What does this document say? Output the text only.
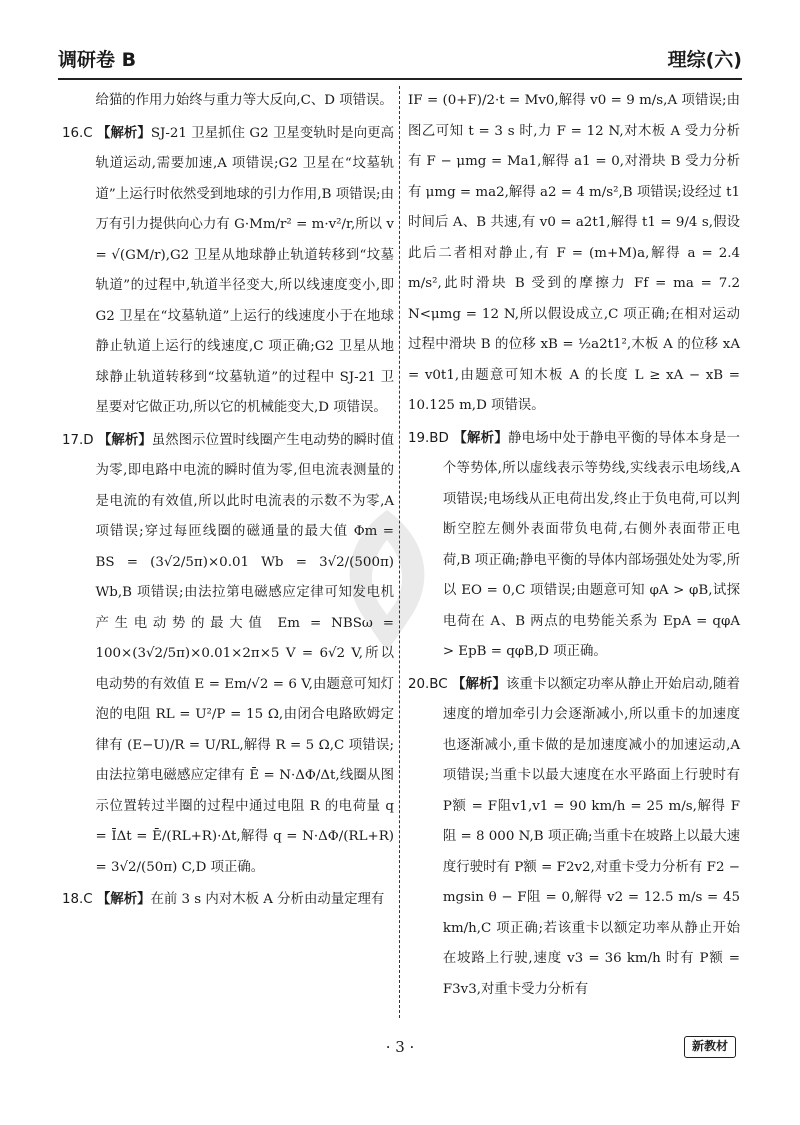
调研卷 B	理综(六)

给猫的作用力始终与重力等大反向,C、D 项错误。

16.C 【解析】SJ-21 卫星抓住 G2 卫星变轨时是向更高轨道运动,需要加速,A 项错误;G2 卫星在“坟墓轨道”上运行时依然受到地球的引力作用,B 项错误;由万有引力提供向心力有 G·Mm/r² = m·v²/r,所以 v = √(GM/r),G2 卫星从地球静止轨道转移到“坟墓轨道”的过程中,轨道半径变大,所以线速度变小,即 G2 卫星在“坟墓轨道”上运行的线速度小于在地球静止轨道上运行的线速度,C 项正确;G2 卫星从地球静止轨道转移到“坟墓轨道”的过程中 SJ-21 卫星要对它做正功,所以它的机械能变大,D 项错误。

17.D 【解析】虽然图示位置时线圈产生电动势的瞬时值为零,即电路中电流的瞬时值为零,但电流表测量的是电流的有效值,所以此时电流表的示数不为零,A 项错误;穿过每匝线圈的磁通量的最大值 Φm = BS = (3√2/5π)×0.01 Wb = 3√2/(500π) Wb,B 项错误;由法拉第电磁感应定律可知发电机产生电动势的最大值 Em = NBSω = 100×(3√2/5π)×0.01×2π×5 V = 6√2 V,所以电动势的有效值 E = Em/√2 = 6 V,由题意可知灯泡的电阻 RL = U²/P = 15 Ω,由闭合电路欧姆定律有 (E−U)/R = U/RL,解得 R = 5 Ω,C 项错误;由法拉第电磁感应定律有 Ē = N·ΔΦ/Δt,线圈从图示位置转过半圈的过程中通过电阻 R 的电荷量 q = ĪΔt = Ē/(RL+R)·Δt,解得 q = N·ΔΦ/(RL+R) = 3√2/(50π) C,D 项正确。

18.C 【解析】在前 3 s 内对木板 A 分析由动量定理有

IF = (0+F)/2·t = Mv0,解得 v0 = 9 m/s,A 项错误;由图乙可知 t = 3 s 时,力 F = 12 N,对木板 A 受力分析有 F − μmg = Ma1,解得 a1 = 0,对滑块 B 受力分析有 μmg = ma2,解得 a2 = 4 m/s²,B 项错误;设经过 t1 时间后 A、B 共速,有 v0 = a2t1,解得 t1 = 9/4 s,假设此后二者相对静止,有 F = (m+M)a,解得 a = 2.4 m/s²,此时滑块 B 受到的摩擦力 Ff = ma = 7.2 N<μmg = 12 N,所以假设成立,C 项正确;在相对运动过程中滑块 B 的位移 xB = ½a2t1²,木板 A 的位移 xA = v0t1,由题意可知木板 A 的长度 L ≥ xA − xB = 10.125 m,D 项错误。

19.BD 【解析】静电场中处于静电平衡的导体本身是一个等势体,所以虚线表示等势线,实线表示电场线,A 项错误;电场线从正电荷出发,终止于负电荷,可以判断空腔左侧外表面带负电荷,右侧外表面带正电荷,B 项正确;静电平衡的导体内部场强处处为零,所以 EO = 0,C 项错误;由题意可知 φA > φB,试探电荷在 A、B 两点的电势能关系为 EpA = qφA > EpB = qφB,D 项正确。

20.BC 【解析】该重卡以额定功率从静止开始启动,随着速度的增加牵引力会逐渐减小,所以重卡的加速度也逐渐减小,重卡做的是加速度减小的加速运动,A 项错误;当重卡以最大速度在水平路面上行驶时有 P额 = F阻v1,v1 = 90 km/h = 25 m/s,解得 F阻 = 8 000 N,B 项正确;当重卡在坡路上以最大速度行驶时有 P额 = F2v2,对重卡受力分析有 F2 − mgsin θ − F阻 = 0,解得 v2 = 12.5 m/s = 45 km/h,C 项正确;若该重卡以额定功率从静止开始在坡路上行驶,速度 v3 = 36 km/h 时有 P额 = F3v3,对重卡受力分析有

· 3 ·	新教材
